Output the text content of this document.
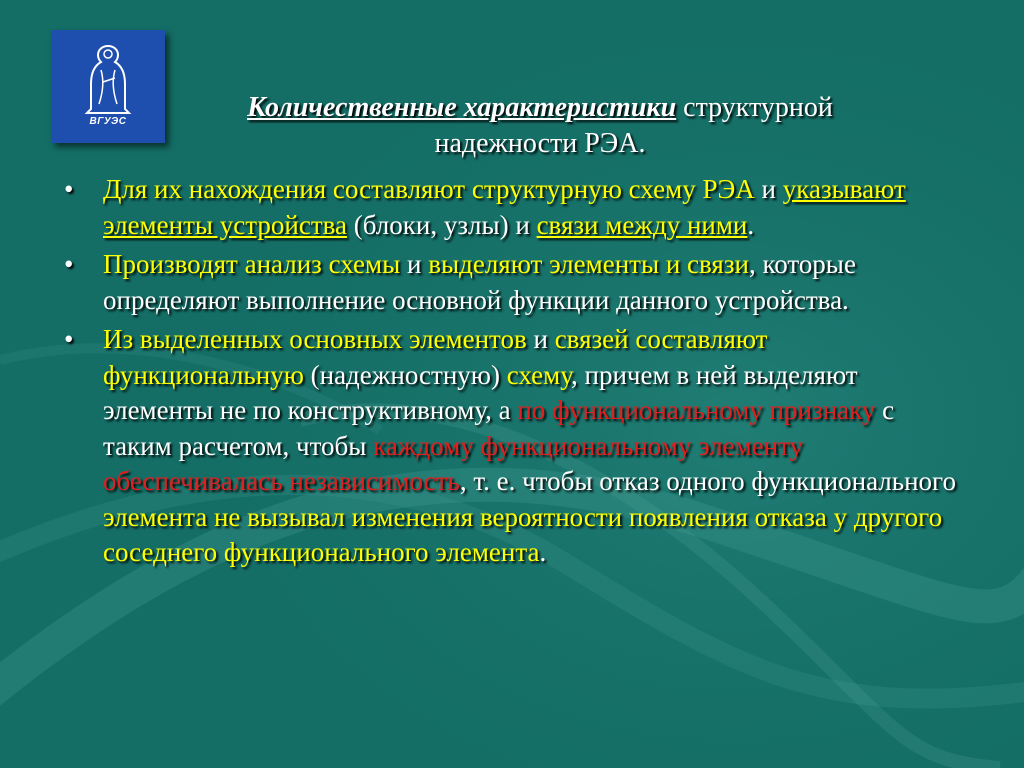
ВГУЭС	Количественные характеристики структурной надежности РЭА.
• Для их нахождения составляют структурную схему РЭА и указывают элементы устройства (блоки, узлы) и связи между ними.
• Производят анализ схемы и выделяют элементы и связи, которые определяют выполнение основной функции данного устройства.
• Из выделенных основных элементов и связей составляют функциональную (надежностную) схему, причем в ней выделяют элементы не по конструктивному, а по функциональному признаку с таким расчетом, чтобы каждому функциональному элементу обеспечивалась независимость, т. е. чтобы отказ одного функционального элемента не вызывал изменения вероятности появления отказа у другого соседнего функционального элемента.
